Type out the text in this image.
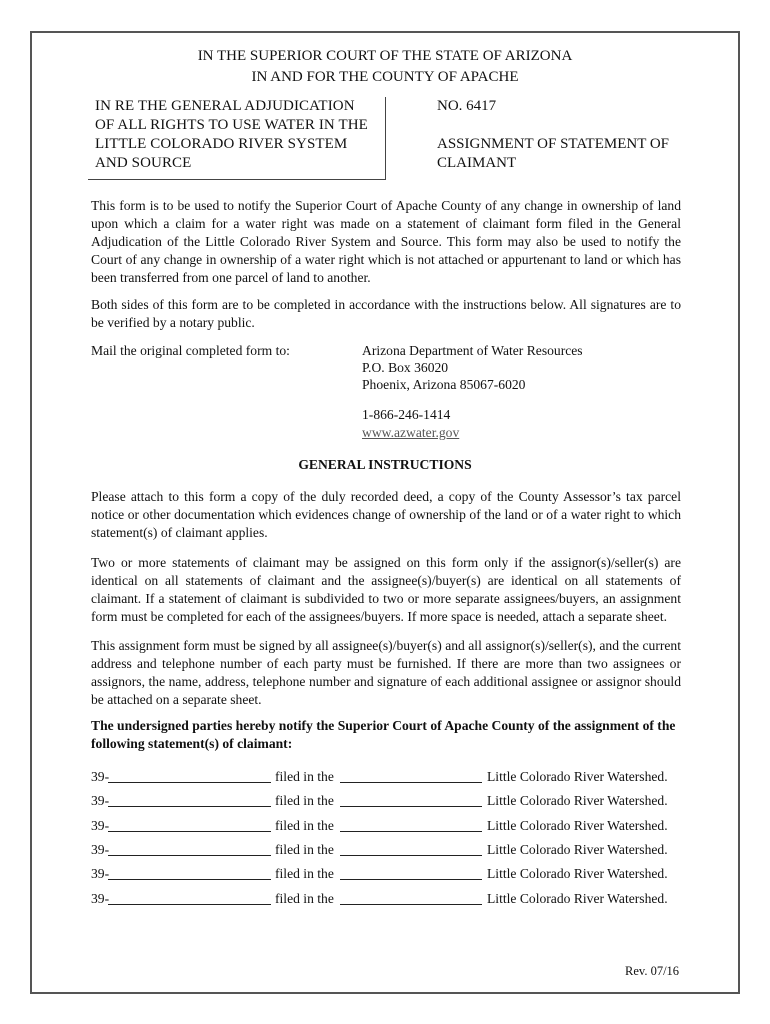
IN THE SUPERIOR COURT OF THE STATE OF ARIZONA
IN AND FOR THE COUNTY OF APACHE
IN RE THE GENERAL ADJUDICATION
OF ALL RIGHTS TO USE WATER IN THE
LITTLE COLORADO RIVER SYSTEM
AND SOURCE
NO. 6417
ASSIGNMENT OF STATEMENT OF
CLAIMANT
This form is to be used to notify the Superior Court of Apache County of any change in ownership of land upon which a claim for a water right was made on a statement of claimant form filed in the General Adjudication of the Little Colorado River System and Source. This form may also be used to notify the Court of any change in ownership of a water right which is not attached or appurtenant to land or which has been transferred from one parcel of land to another.
Both sides of this form are to be completed in accordance with the instructions below. All signatures are to be verified by a notary public.
Mail the original completed form to:	Arizona Department of Water Resources
P.O. Box 36020
Phoenix, Arizona 85067-6020
1-866-246-1414
www.azwater.gov
GENERAL INSTRUCTIONS
Please attach to this form a copy of the duly recorded deed, a copy of the County Assessor’s tax parcel notice or other documentation which evidences change of ownership of the land or of a water right to which statement(s) of claimant applies.
Two or more statements of claimant may be assigned on this form only if the assignor(s)/seller(s) are identical on all statements of claimant and the assignee(s)/buyer(s) are identical on all statements of claimant. If a statement of claimant is subdivided to two or more separate assignees/buyers, an assignment form must be completed for each of the assignees/buyers. If more space is needed, attach a separate sheet.
This assignment form must be signed by all assignee(s)/buyer(s) and all assignor(s)/seller(s), and the current address and telephone number of each party must be furnished. If there are more than two assignees or assignors, the name, address, telephone number and signature of each additional assignee or assignor should be attached on a separate sheet.
The undersigned parties hereby notify the Superior Court of Apache County of the assignment of the following statement(s) of claimant:
39-	filed in the	Little Colorado River Watershed.
39-	filed in the	Little Colorado River Watershed.
39-	filed in the	Little Colorado River Watershed.
39-	filed in the	Little Colorado River Watershed.
39-	filed in the	Little Colorado River Watershed.
39-	filed in the	Little Colorado River Watershed.
Rev. 07/16
